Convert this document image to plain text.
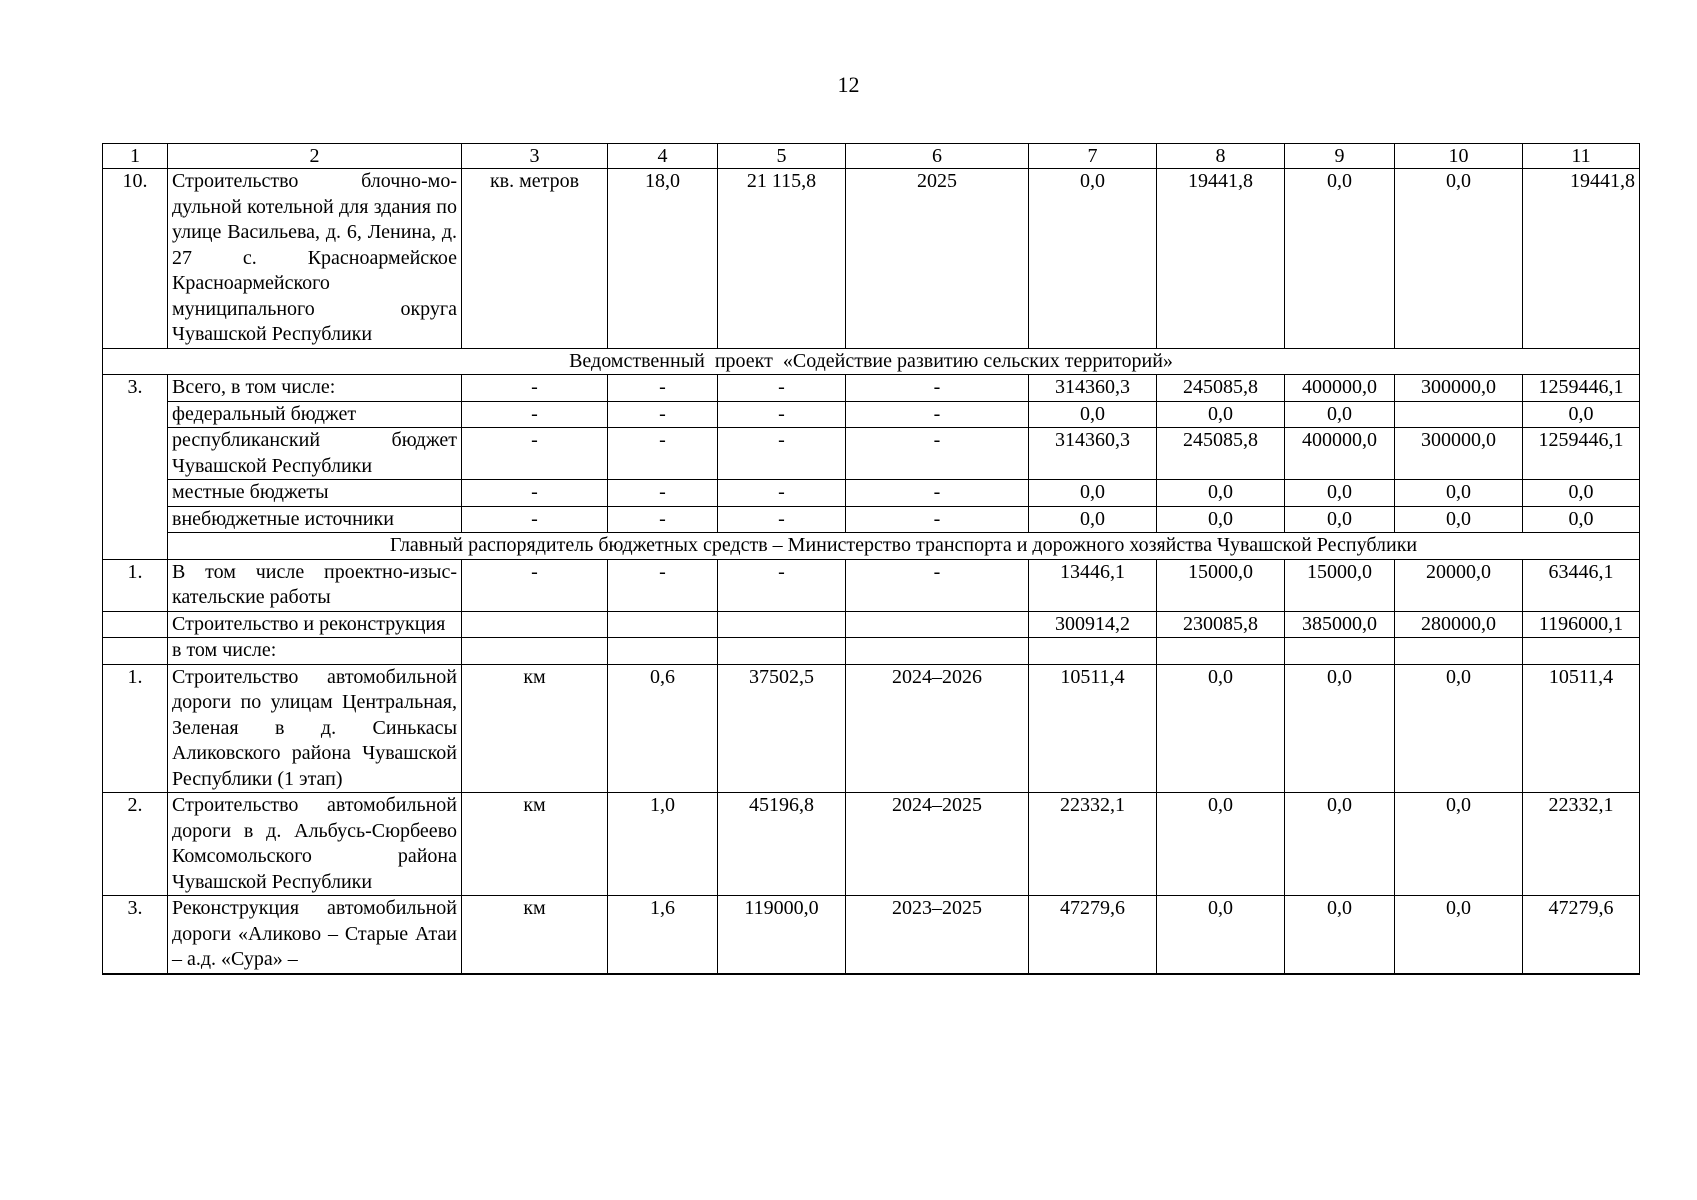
12
1	2	3	4	5	6	7	8	9	10	11
10.	Строительство блочно-модульной котельной для здания по улице Васильева, д. 6, Ленина, д. 27 с. Красноармейское Красноармейского муниципального округа Чувашской Республики	кв. метров	18,0	21 115,8	2025	0,0	19441,8	0,0	0,0	19441,8
Ведомственный  проект  «Содействие развитию сельских территорий»										
3.	Всего, в том числе:	-	-	-	-	314360,3	245085,8	400000,0	300000,0	1259446,1
	федеральный бюджет	-	-	-	-	0,0	0,0	0,0		0,0
	республиканский бюджет Чувашской Республики	-	-	-	-	314360,3	245085,8	400000,0	300000,0	1259446,1
	местные бюджеты	-	-	-	-	0,0	0,0	0,0	0,0	0,0
	внебюджетные источники	-	-	-	-	0,0	0,0	0,0	0,0	0,0
	Главный распорядитель бюджетных средств – Министерство транспорта и дорожного хозяйства Чувашской Республики									
1.	В том числе проектно-изыскательские работы	-	-	-	-	13446,1	15000,0	15000,0	20000,0	63446,1
	Строительство и реконструкция					300914,2	230085,8	385000,0	280000,0	1196000,1
	в том числе:									
1.	Строительство автомобильной дороги по улицам Центральная, Зеленая в д. Синькасы Аликовского района Чувашской Республики (1 этап)	км	0,6	37502,5	2024–2026	10511,4	0,0	0,0	0,0	10511,4
2.	Строительство автомобильной дороги в д. Альбусь-Сюрбеево Комсомольского района Чувашской Республики	км	1,0	45196,8	2024–2025	22332,1	0,0	0,0	0,0	22332,1
3.	Реконструкция автомобильной дороги «Аликово – Старые Атаи – а.д. «Сура» –	км	1,6	119000,0	2023–2025	47279,6	0,0	0,0	0,0	47279,6
